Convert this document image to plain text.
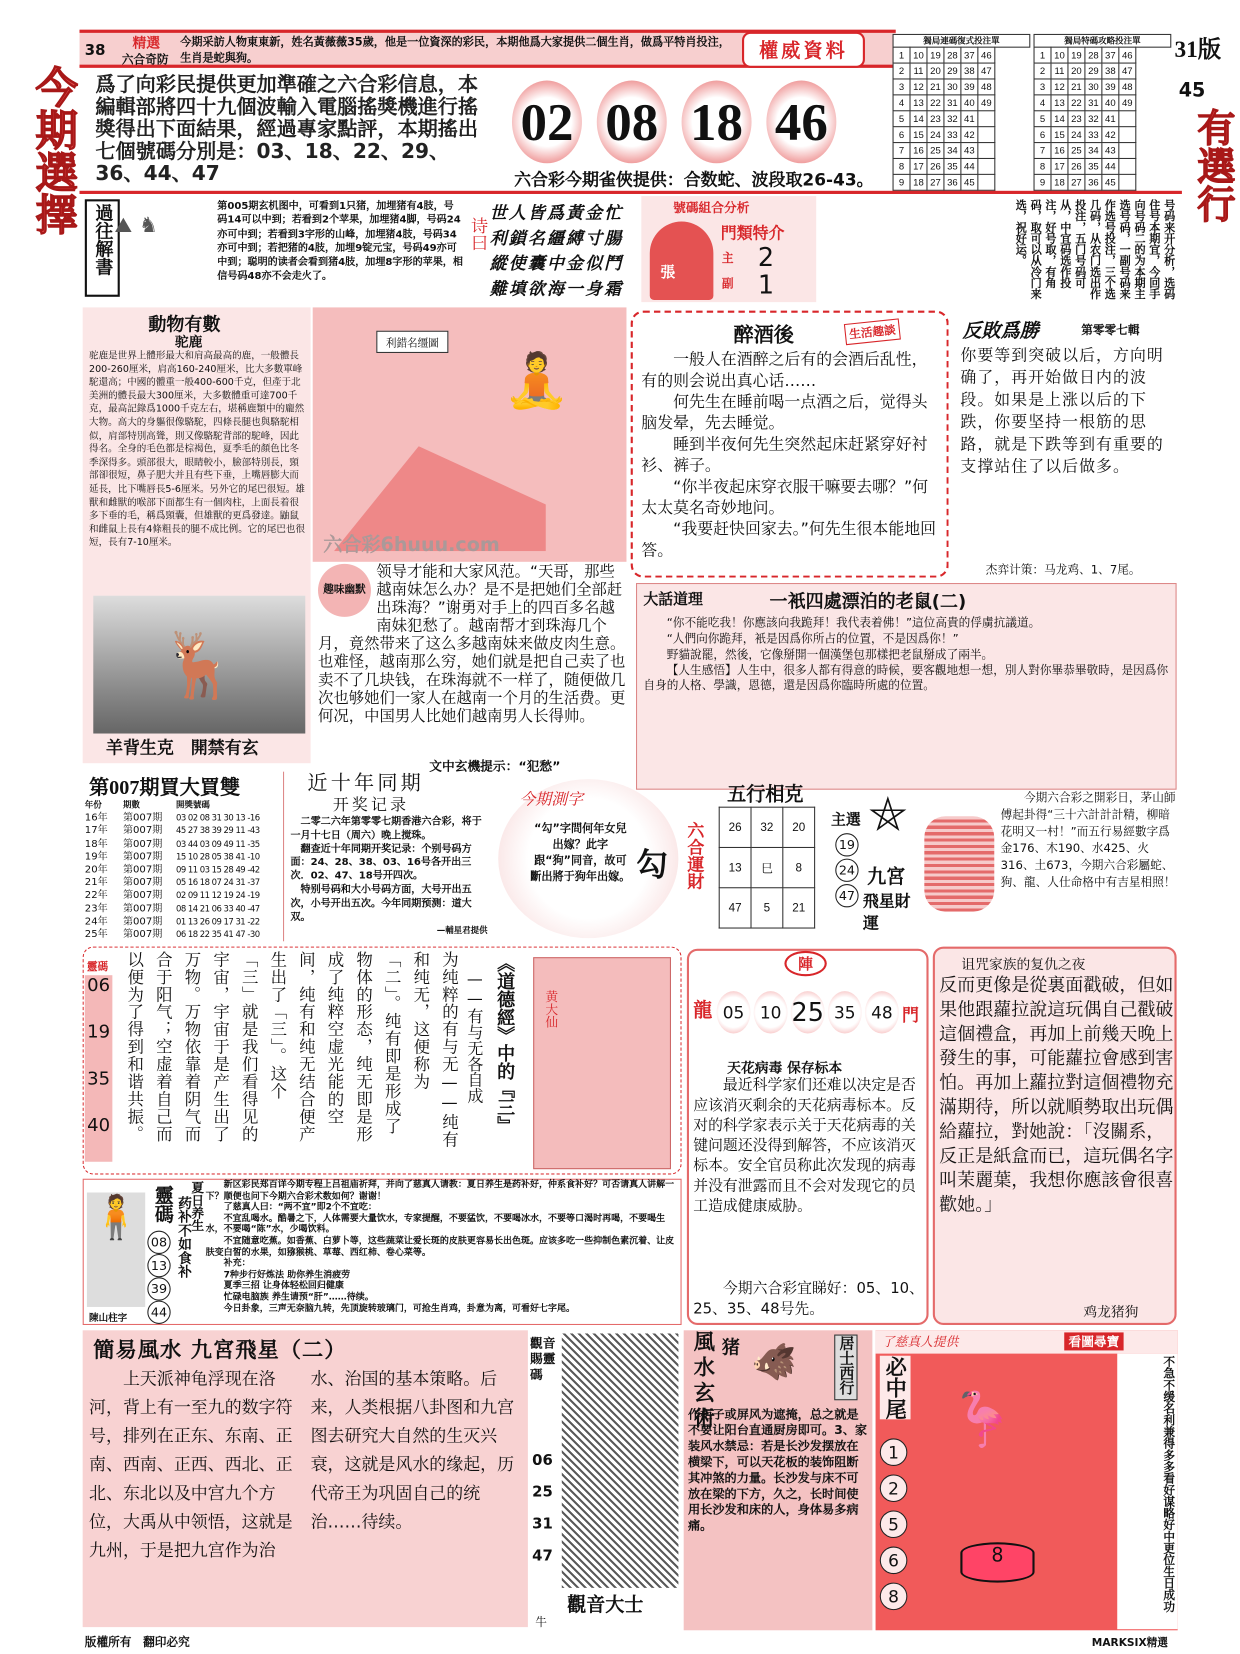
38 精選
六合奇防
今期采訪人物東東新，姓名黃薇薇35歲，他是一位資深的彩民，本期他爲大家提供二個生肖，做爲平特肖投注，生肖是蛇與狗。	權威資料	獨局連碼復式投注單	獨局特碼攻略投注單
1	10	19	28	37	46
2	11	20	29	38	47
3	12	21	30	39	48
4	13	22	31	40	49
5	14	23	32	41	
6	15	24	33	42	
7	16	25	34	43	
8	17	26	35	44	
9	18	27	36	45	
1	10	19	28	37	46
2	11	20	29	38	47
3	12	21	30	39	48
4	13	22	31	40	49
5	14	23	32	41	
6	15	24	33	42	
7	16	25	34	43	
8	17	26	35	44	
9	18	27	36	45	
31版
45
今期選擇 爲了向彩民提供更加準確之六合彩信息，本編輯部將四十九個波輸入電腦搖獎機進行搖獎得出下面結果，經過專家點評，本期搖出七個號碼分別是：03、18、22、29、36、44、47	有選行
六合彩今期雀俠提供：合数蛇、波段取26-43。
過往解書 ⛰ ♞
第005期玄机图中，可看到1只猪，加埋猪有4肢，号码14可以中到；若看到2个苹果，加埋猪4脚，号码24亦可中到；若看到3字形的山峰，加埋猪4肢，号码34亦可中到；若把猪的4肢，加埋9锭元宝，号码49亦可中到；聪明的读者会看到猪4肢，加埋8字形的苹果，相信号码48亦不会走火了。
诗曰
世人皆爲黃金忙
利鎖名繮縛寸腸
縱使囊中金似鬥
難填欲海一身霜
號碼組合分析
張
門類特介
主
副
2
1	号码来开分析，选码住号本期宜，今回手向号码二的为本期主选号码，一副号码来作选号投注，三个选几码，从农门选出作投注，五门号码可从，中宜码选作投注，好号取，有角码，取可以从冷门来选，祝好运。
動物有數
驼鹿
驼鹿是世界上體形最大和肩高最高的鹿，一般體長200-260厘米，肩高160-240厘米，比大多數單峰駝還高；中國的體重一般400-600千克，但產于北美洲的體長最大300厘米，大多數體重可達700千克，最高記錄爲1000千克左右，堪稱鹿類中的龐然大物。高大的身軀很像駱駝，四條長腿也與駱駝相似，肩部特別高聳，則又像駱駝背部的駝峰，因此得名。全身的毛色都是棕褐色，夏季毛的顏色比冬季深得多。頭部很大，眼睛較小，臉部特別長，頸部卻很短，鼻子肥大并且有些下垂，上嘴唇膨大而延長，比下嘴唇長5-6厘米。另外它的尾巴很短。雄獸和雌獸的喉部下面都生有一個肉柱，上面長着很多下垂的毛，稱爲頸囊，但雄獸的更爲發達。鼬鼠和雌鼠上長有4條粗長的腿不成比例。它的尾巴也很短，長有7-10厘米。
🦌
羊背生克　開禁有玄
利錯名缰圖
🧘
醉酒後	生活趣談

一般人在酒醉之后有的会酒后乱性，有的则会说出真心话……

何先生在睡前喝一点酒之后，觉得头脑发晕，先去睡觉。

睡到半夜何先生突然起床赶紧穿好衬衫、裤子。

“你半夜起床穿衣服干嘛要去哪？”何太太莫名奇妙地问。

“我要赶快回家去。”何先生很本能地回答。

反敗爲勝	第零零七輯
你要等到突破以后，方向明确了，再开始做日内的波段。如果是上涨以后的下跌，你要坚持一根筋的思路，就是下跌等到有重要的支撑站住了以后做多。
杰弈计策：马龙鸡、1、7尾。
趣味幽默
领导才能和大家风范。“天哥，那些越南妹怎么办？是不是把她们全部赶出珠海？”谢勇对手上的四百多名越南妹犯愁了。越南帮才到珠海几个月，竟然带来了这么多越南妹来做皮肉生意。也难怪，越南那么穷，她们就是把自己卖了也卖不了几块钱，在珠海就不一样了，随便做几次也够她们一家人在越南一个月的生活费。更何况，中国男人比她们越南男人长得帅。
文中玄機提示：“犯愁”
大話道理	一衹四處漂泊的老鼠(二)

“你不能吃我！你應該向我跪拜！我代表着佛！”這位高貴的俘虜抗議道。

“人們向你跪拜，衹是因爲你所占的位置，不是因爲你！”

野貓說罷，然後，它像掰開一個漢堡包那樣把老鼠掰成了兩半。

【人生感悟】人生中，很多人都有得意的時候，要客觀地想一想，別人對你畢恭畢敬時，是因爲你自身的人格、學識，恩德，還是因爲你臨時所處的位置。

第007期買大買雙
年份	期數	開獎號碼
16年	第007期	03 02 08 31 30 13 -16
17年	第007期	45 27 38 39 29 11 -43
18年	第007期	03 44 03 09 49 11 -35
19年	第007期	15 10 28 05 38 41 -10
20年	第007期	09 11 03 15 28 49 -42
21年	第007期	05 16 18 07 24 31 -37
22年	第007期	02 09 11 12 19 24 -19
23年	第007期	08 14 21 06 33 40 -47
24年	第007期	01 13 26 09 17 31 -22
25年	第007期	06 18 22 35 41 47 -30
近十年同期
开奖记录

二零二六年第零零七期香港六合彩，将于一月十七日（周六）晚上搅珠。

翻查近十年同期开奖记录：个别号码方面：24、28、38、03、16号各开出三次．02、47、18号开四次。

特别号码和大小号码方面，大号开出五次，小号开出五次。今年同期预测：道大双。

—輔星君提供

今期測字
“勾”字問何年女兒出嫁？此字跟“狗”同音，故可斷出將于狗年出嫁。 勾 六合運財
五行相克
26	32	20
13	巳	8
47	5	21
主選
192447
⛤
九宮
飛星財運
今期六合彩之開彩日，茅山師傅起卦得“三十六計計計精，柳暗花明又一村！”而五行易經數字爲金176、木190、水425、火316、土673，今期六合彩屬蛇、狗、龍、人仕命格中有吉星相照！
靈碼
06
19
35
40	为纯粹的有与无——纯有
和纯无，这便称为
「二」。纯有即是形成了
物体的形态，纯无即是形
成了纯粹空虚光能的空
间，纯有和纯无结合便产
生出了「三」。这个
「三」就是我们看得见的
宇宙，宇宙于是产生出了
万物。万物依靠着阴气而
合于阳气；空虚着自己而
以便为了得到和谐共振。	——有与无各自成 《道德經》中的『三』 黄大仙
陣
龍 05 10 25 35 48 門
天花病毒 保存标本
最近科学家们还难以决定是否应该消灭剩余的天花病毒标本。反对的科学家表示关于天花病毒的关键问题还没得到解答，不应该消灭标本。安全官员称此次发现的病毒并没有泄露而且不会对发现它的员工造成健康威胁。
今期六合彩宜睇好：05、10、25、35、48号先。
诅咒家族的复仇之夜
反而更像是從裏面戳破，但如果他跟蘿拉說這玩偶自己戳破這個禮盒，再加上前幾天晚上發生的事，可能蘿拉會感到害怕。再加上蘿拉對這個禮物充滿期待，所以就順勢取出玩偶給蘿拉，對她說：「沒關系，反正是紙盒而已，這玩偶名字叫茉麗葉，我想你應該會很喜歡她。」
鸡龙猪狗
🧍 靈碼 药补不如食补
夏日养生
08133944
陳山柱字

新区彩民郑百详今期专程上吕祖庙祈拜，并向了慈真人请教：夏日养生是药补好，仲系食补好？可否请真人讲解一下？顺便也问下今期六合彩术数如何？谢谢！

了慈真人曰：“两不宜”即2个不宜吃：

不宜乱喝水。酷暑之下，人体需要大量饮水，专家提醒，不要猛饮，不要喝冰水，不要等口渴时再喝，不要喝生水，不要喝“陈”水，少喝饮料。

不宜随意吃蕉。如香蕉、白萝卜等，这些蔬菜让爱长斑的皮肤更容易长出色斑。应该多吃一些抑制色素沉着、让皮肤变白皙的水果，如猕猴桃、草莓、西红柿、卷心菜等。

补充：

7种步行好炼法 助你养生消疲劳

夏季三招 让身体轻松回归健康

忙碌电脑族 养生请预“肝”……待续。

今日卦象，三声无奈脑九转，先顶旋转玻璃门，可抢生肖鸡，卦意为离，可看好七字尾。

簡易風水 九宮飛星（二）
上天派神龟浮现在洛河，背上有一至九的数字符号，排列在正东、东南、正南、西南、正西、西北、正北、东北以及中宫九个方位，大禹从中领悟，这就是九州，于是把九宫作为治水、治国的基本策略。后来，人类根据八卦图和九宫图去研究大自然的生灭兴衰，这就是风水的缘起，历代帝王为巩固自己的统治……待续。
觀音賜靈碼
06
25
31
47
觀音大士
牛
風水玄術 猪 🐗	居士西行
作柜子或屏风为遮掩，总之就是不要让阳台直通厨房即可。3、家装风水禁忌：若是长沙发摆放在横梁下，可以天花板的装饰阻断其冲煞的力量。长沙发与床不可放在梁的下方，久之，长时间使用长沙发和床的人，身体易多病痛。
了慈真人提供	看圖尋寶
必中尾
12568
🦩
8	不急不缓名利兼得多多看好谋略好中更位生日成功
版權所有　翻印必究	MARKSIX精選
六合彩6huuu.com
02 08 18 46
